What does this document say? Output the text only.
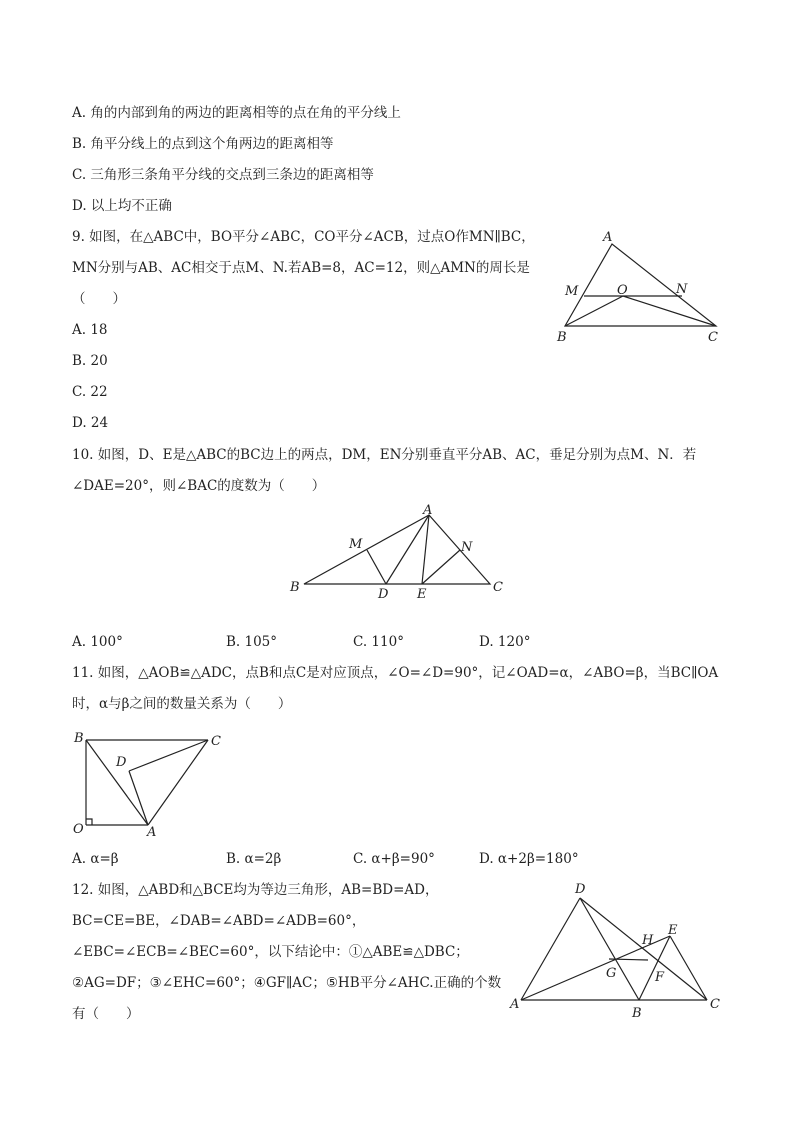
A. 角的内部到角的两边的距离相等的点在角的平分线上
B. 角平分线上的点到这个角两边的距离相等
C. 三角形三条角平分线的交点到三条边的距离相等
D. 以上均不正确
9. 如图，在△ABC中，BO平分∠ABC，CO平分∠ACB，过点O作MN∥BC，
MN分别与AB、AC相交于点M、N.若AB=8，AC=12，则△AMN的周长是
（　　）
A. 18
B. 20
C. 22
D. 24
A
M	O	N
B	C
10. 如图，D、E是△ABC的BC边上的两点，DM，EN分别垂直平分AB、AC，垂足分别为点M、N．若
∠DAE=20°，则∠BAC的度数为（　　）
A
M	N
B	D E	C
A. 100°	B. 105°	C. 110°	D. 120°
11. 如图，△AOB≌△ADC，点B和点C是对应顶点，∠O=∠D=90°，记∠OAD=α，∠ABO=β，当BC∥OA
时，α与β之间的数量关系为（　　）
B	C
D
O	A
A. α=β	B. α=2β	C. α+β=90°	D. α+2β=180°
12. 如图，△ABD和△BCE均为等边三角形，AB=BD=AD，
BC=CE=BE，∠DAB=∠ABD=∠ADB=60°，
∠EBC=∠ECB=∠BEC=60°，以下结论中：①△ABE≌△DBC；
②AG=DF；③∠EHC=60°；④GF∥AC；⑤HB平分∠AHC.正确的个数
有（　　）
D
E
H
G	F
A
B
C
